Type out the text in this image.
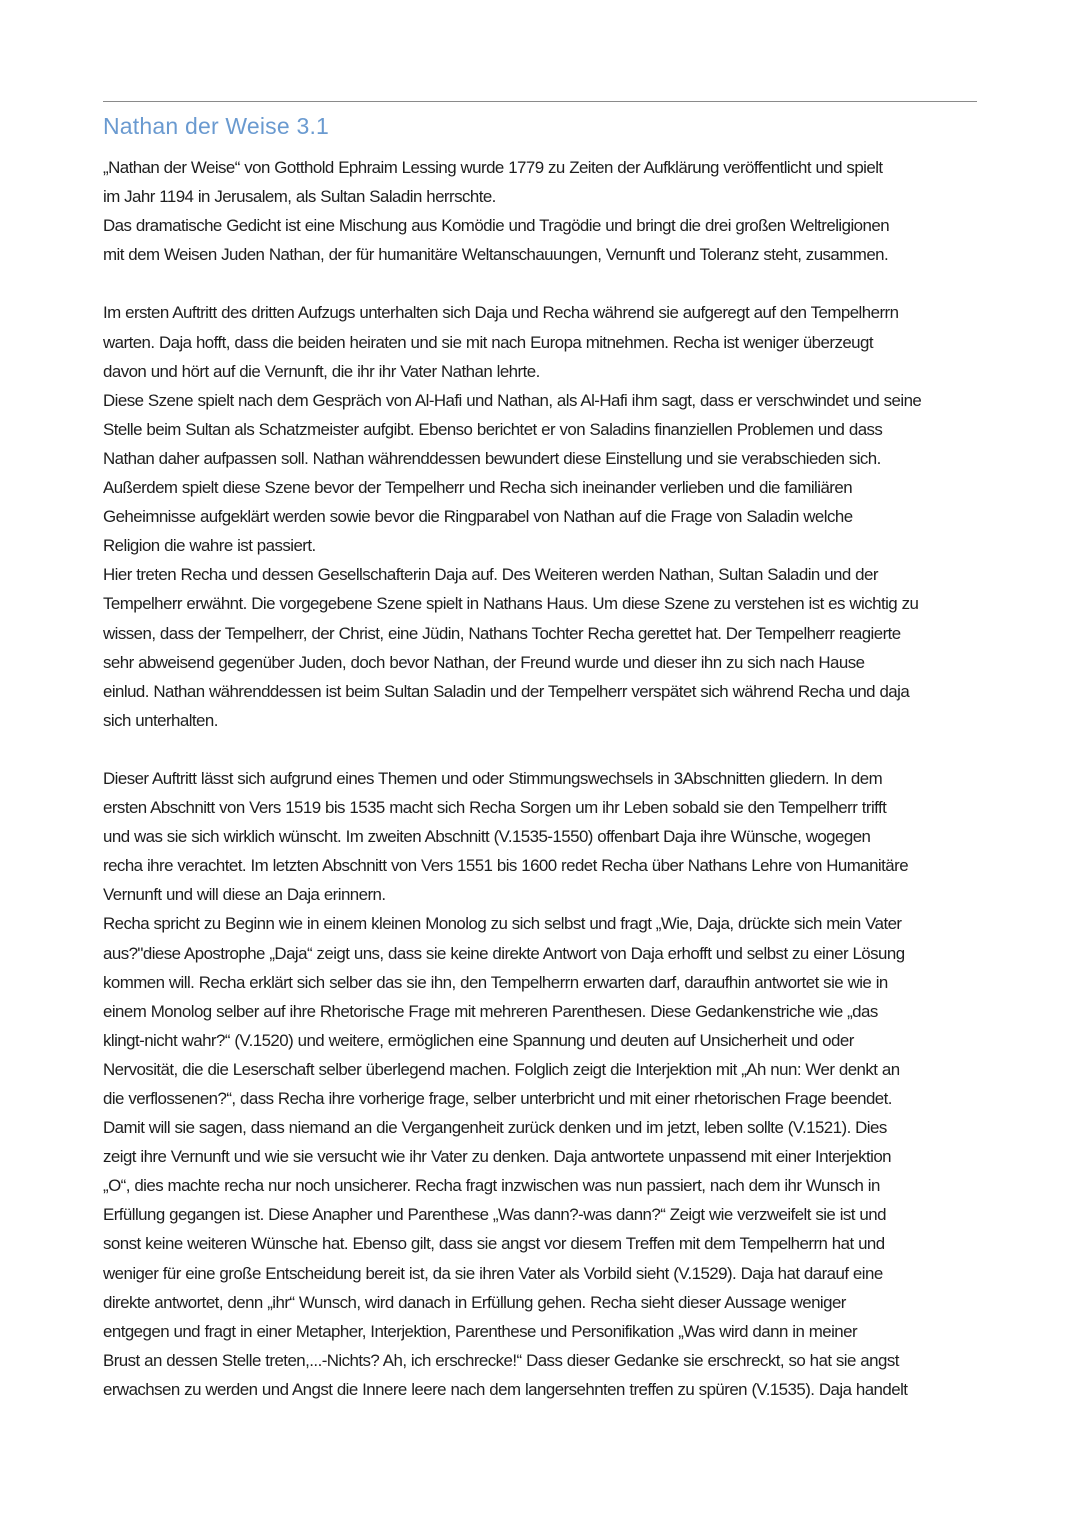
Nathan der Weise 3.1
„Nathan der Weise“ von Gotthold Ephraim Lessing wurde 1779 zu Zeiten der Aufklärung veröffentlicht und spielt
im Jahr 1194 in Jerusalem, als Sultan Saladin herrschte.
Das dramatische Gedicht ist eine Mischung aus Komödie und Tragödie und bringt die drei großen Weltreligionen
mit dem Weisen Juden Nathan, der für humanitäre Weltanschauungen, Vernunft und Toleranz steht, zusammen.
Im ersten Auftritt des dritten Aufzugs unterhalten sich Daja und Recha während sie aufgeregt auf den Tempelherrn
warten. Daja hofft, dass die beiden heiraten und sie mit nach Europa mitnehmen. Recha ist weniger überzeugt
davon und hört auf die Vernunft, die ihr ihr Vater Nathan lehrte.
Diese Szene spielt nach dem Gespräch von Al-Hafi und Nathan, als Al-Hafi ihm sagt, dass er verschwindet und seine
Stelle beim Sultan als Schatzmeister aufgibt. Ebenso berichtet er von Saladins finanziellen Problemen und dass
Nathan daher aufpassen soll. Nathan währenddessen bewundert diese Einstellung und sie verabschieden sich.
Außerdem spielt diese Szene bevor der Tempelherr und Recha sich ineinander verlieben und die familiären
Geheimnisse aufgeklärt werden sowie bevor die Ringparabel von Nathan auf die Frage von Saladin welche
Religion die wahre ist passiert.
Hier treten Recha und dessen Gesellschafterin Daja auf. Des Weiteren werden Nathan, Sultan Saladin und der
Tempelherr erwähnt. Die vorgegebene Szene spielt in Nathans Haus. Um diese Szene zu verstehen ist es wichtig zu
wissen, dass der Tempelherr, der Christ, eine Jüdin, Nathans Tochter Recha gerettet hat. Der Tempelherr reagierte
sehr abweisend gegenüber Juden, doch bevor Nathan, der Freund wurde und dieser ihn zu sich nach Hause
einlud. Nathan währenddessen ist beim Sultan Saladin und der Tempelherr verspätet sich während Recha und daja
sich unterhalten.
Dieser Auftritt lässt sich aufgrund eines Themen und oder Stimmungswechsels in 3Abschnitten gliedern. In dem
ersten Abschnitt von Vers 1519 bis 1535 macht sich Recha Sorgen um ihr Leben sobald sie den Tempelherr trifft
und was sie sich wirklich wünscht. Im zweiten Abschnitt (V.1535-1550) offenbart Daja ihre Wünsche, wogegen
recha ihre verachtet. Im letzten Abschnitt von Vers 1551 bis 1600 redet Recha über Nathans Lehre von Humanitäre
Vernunft und will diese an Daja erinnern.
Recha spricht zu Beginn wie in einem kleinen Monolog zu sich selbst und fragt „Wie, Daja, drückte sich mein Vater
aus?"diese Apostrophe „Daja“ zeigt uns, dass sie keine direkte Antwort von Daja erhofft und selbst zu einer Lösung
kommen will. Recha erklärt sich selber das sie ihn, den Tempelherrn erwarten darf, daraufhin antwortet sie wie in
einem Monolog selber auf ihre Rhetorische Frage mit mehreren Parenthesen. Diese Gedankenstriche wie „das
klingt-nicht wahr?“ (V.1520) und weitere, ermöglichen eine Spannung und deuten auf Unsicherheit und oder
Nervosität, die die Leserschaft selber überlegend machen. Folglich zeigt die Interjektion mit „Ah nun: Wer denkt an
die verflossenen?“, dass Recha ihre vorherige frage, selber unterbricht und mit einer rhetorischen Frage beendet.
Damit will sie sagen, dass niemand an die Vergangenheit zurück denken und im jetzt, leben sollte (V.1521). Dies
zeigt ihre Vernunft und wie sie versucht wie ihr Vater zu denken. Daja antwortete unpassend mit einer Interjektion
„O“, dies machte recha nur noch unsicherer. Recha fragt inzwischen was nun passiert, nach dem ihr Wunsch in
Erfüllung gegangen ist. Diese Anapher und Parenthese „Was dann?-was dann?“ Zeigt wie verzweifelt sie ist und
sonst keine weiteren Wünsche hat. Ebenso gilt, dass sie angst vor diesem Treffen mit dem Tempelherrn hat und
weniger für eine große Entscheidung bereit ist, da sie ihren Vater als Vorbild sieht (V.1529). Daja hat darauf eine
direkte antwortet, denn „ihr“ Wunsch, wird danach in Erfüllung gehen. Recha sieht dieser Aussage weniger
entgegen und fragt in einer Metapher, Interjektion, Parenthese und Personifikation „Was wird dann in meiner
Brust an dessen Stelle treten,...-Nichts? Ah, ich erschrecke!“ Dass dieser Gedanke sie erschreckt, so hat sie angst
erwachsen zu werden und Angst die Innere leere nach dem langersehnten treffen zu spüren (V.1535). Daja handelt
